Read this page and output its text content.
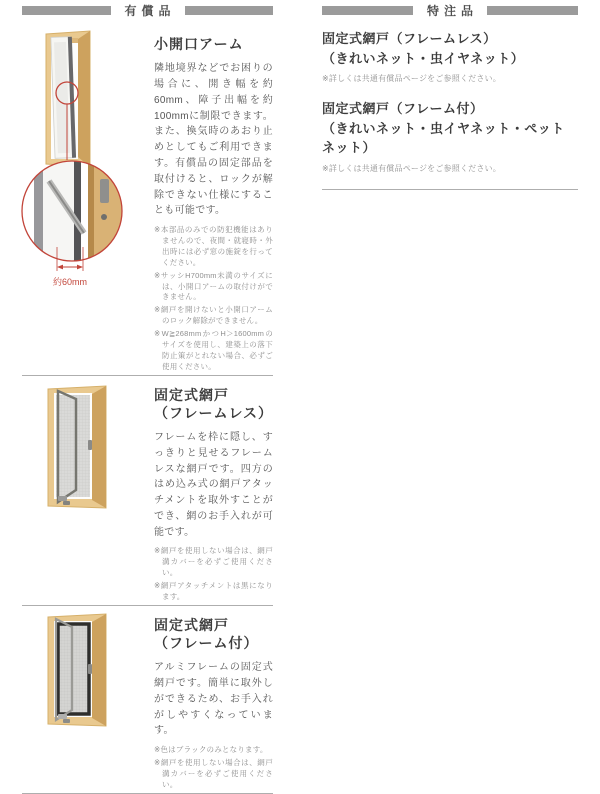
有償品
約60mm
小開口アーム
隣地境界などでお困りの場合に、開き幅を約60mm、障子出幅を約100mmに制限できます。また、換気時のあおり止めとしてもご利用できます。有償品の固定部品を取付けると、ロックが解除できない仕様にすることも可能です。
※本部品のみでの防犯機能はありませんので、夜間・就寝時・外出時には必ず窓の施錠を行ってください。
※サッシH700mm未満のサイズには、小開口アームの取付けができません。
※網戸を開けないと小開口アームのロック解除ができません。
※W≧268mmかつH＞1600mmのサイズを使用し、建築上の落下防止策がとれない場合、必ずご使用ください。
固定式網戸
（フレームレス）
フレームを枠に隠し、すっきりと見せるフレームレスな網戸です。四方のはめ込み式の網戸アタッチメントを取外すことができ、網のお手入れが可能です。
※網戸を使用しない場合は、網戸溝カバーを必ずご使用ください。
※網戸アタッチメントは黒になります。
固定式網戸
（フレーム付）
アルミフレームの固定式網戸です。簡単に取外しができるため、お手入れがしやすくなっています。
※色はブラックのみとなります。
※網戸を使用しない場合は、網戸溝カバーを必ずご使用ください。
特注品
固定式網戸（フレームレス）
（きれいネット・虫イヤネット）
※詳しくは共通有償品ページをご参照ください。
固定式網戸（フレーム付）
（きれいネット・虫イヤネット・ペットネット）
※詳しくは共通有償品ページをご参照ください。
